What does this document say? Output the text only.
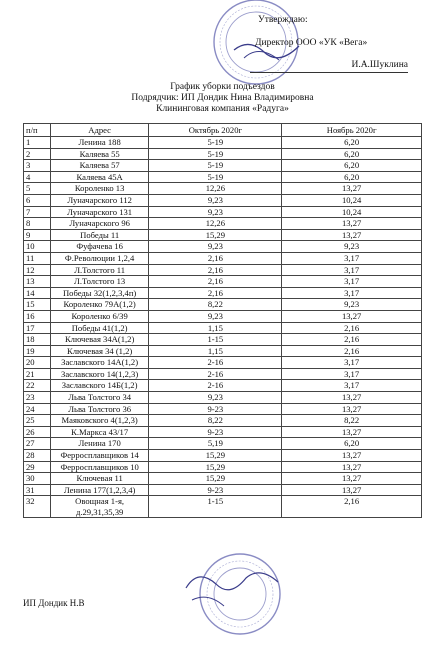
Утверждаю:
Директор ООО «УК «Вега»
И.А.Шуклина
График уборки подъездов
Подрядчик: ИП Дондик Нина Владимировна
Клининговая компания «Радуга»
п/п	Адрес	Октябрь 2020г	Ноябрь 2020г
1	Ленина 188	5-19	6,20
2	Каляева 55	5-19	6,20
3	Каляева 57	5-19	6,20
4	Каляева 45А	5-19	6,20
5	Короленко 13	12,26	13,27
6	Луначарского 112	9,23	10,24
7	Луначарского 131	9,23	10,24
8	Луначарского 96	12,26	13,27
9	Победы 11	15,29	13,27
10	Фуфачева 16	9,23	9,23
11	Ф.Революции 1,2,4	2,16	3,17
12	Л.Толстого 11	2,16	3,17
13	Л.Толстого 13	2,16	3,17
14	Победы 32(1,2,3,4п)	2,16	3,17
15	Короленко 79А(1,2)	8,22	9,23
16	Короленко 6/39	9,23	13,27
17	Победы 41(1,2)	1,15	2,16
18	Ключевая 34А(1,2)	1-15	2,16
19	Ключевая 34 (1,2)	1,15	2,16
20	Заславского 14А(1,2)	2-16	3,17
21	Заславского 14(1,2,3)	2-16	3,17
22	Заславского 14Б(1,2)	2-16	3,17
23	Льва Толстого 34	9,23	13,27
24	Льва Толстого 36	9-23	13,27
25	Маяковского 4(1,2,3)	8,22	8,22
26	К.Маркса 43/17	9-23	13,27
27	Ленина 170	5,19	6,20
28	Ферросплавщиков 14	15,29	13,27
29	Ферросплавщиков 10	15,29	13,27
30	Ключевая 11	15,29	13,27
31	Ленина 177(1,2,3,4)	9-23	13,27
32	Овощная 1-я,
д.29,31,35,39	1-15	2,16
ИП Дондик Н.В
